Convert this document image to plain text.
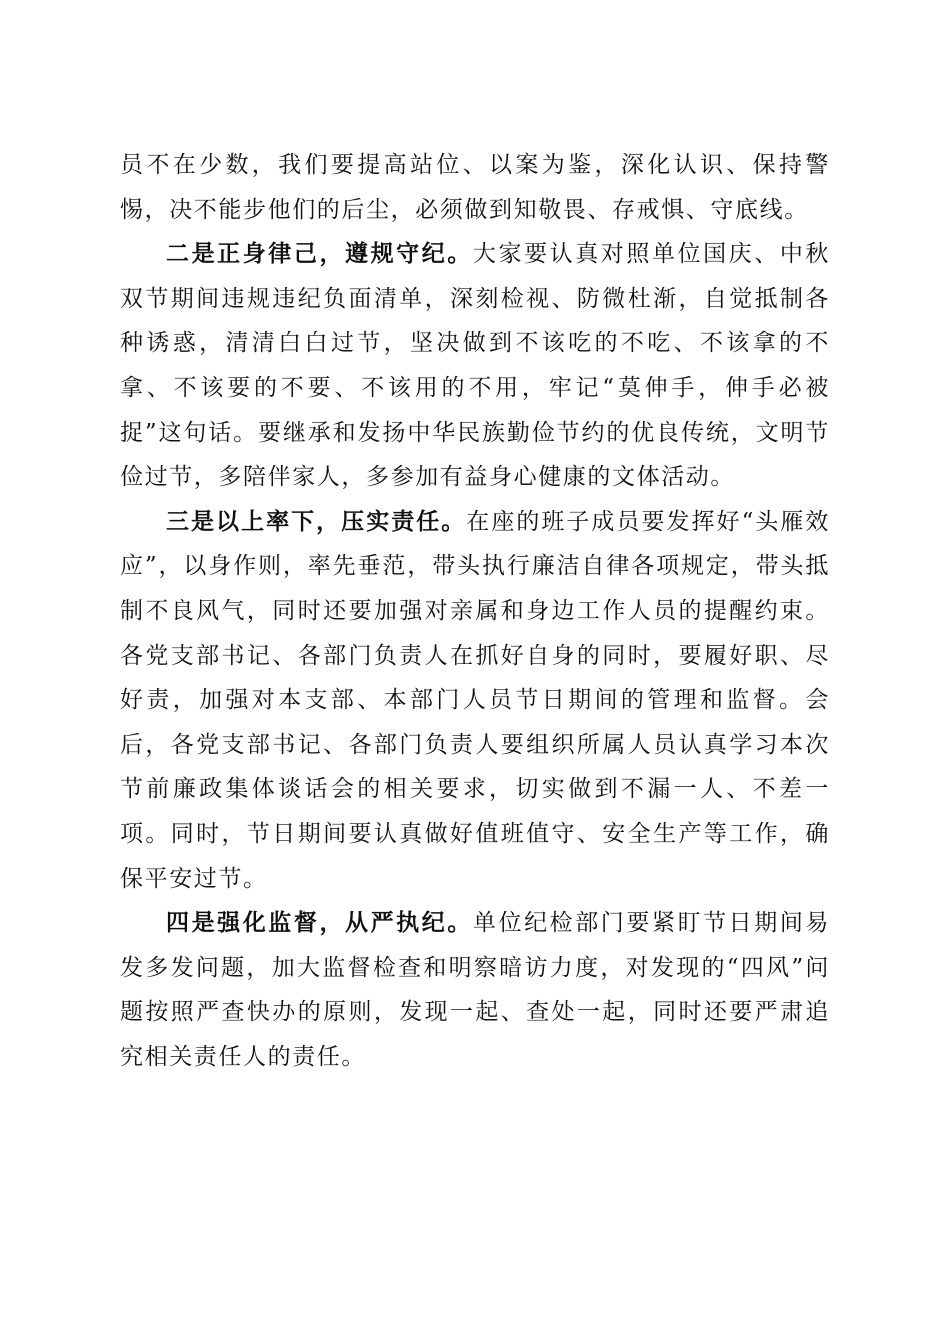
员不在少数，我们要提高站位、以案为鉴，深化认识、保持警惕，决不能步他们的后尘，必须做到知敬畏、存戒惧、守底线。

二是正身律己，遵规守纪。大家要认真对照单位国庆、中秋双节期间违规违纪负面清单，深刻检视、防微杜渐，自觉抵制各种诱惑，清清白白过节，坚决做到不该吃的不吃、不该拿的不拿、不该要的不要、不该用的不用，牢记“莫伸手，伸手必被捉”这句话。要继承和发扬中华民族勤俭节约的优良传统，文明节俭过节，多陪伴家人，多参加有益身心健康的文体活动。

三是以上率下，压实责任。在座的班子成员要发挥好“头雁效应”，以身作则，率先垂范，带头执行廉洁自律各项规定，带头抵制不良风气，同时还要加强对亲属和身边工作人员的提醒约束。各党支部书记、各部门负责人在抓好自身的同时，要履好职、尽好责，加强对本支部、本部门人员节日期间的管理和监督。会后，各党支部书记、各部门负责人要组织所属人员认真学习本次节前廉政集体谈话会的相关要求，切实做到不漏一人、不差一项。同时，节日期间要认真做好值班值守、安全生产等工作，确保平安过节。

四是强化监督，从严执纪。单位纪检部门要紧盯节日期间易发多发问题，加大监督检查和明察暗访力度，对发现的“四风”问题按照严查快办的原则，发现一起、查处一起，同时还要严肃追究相关责任人的责任。
